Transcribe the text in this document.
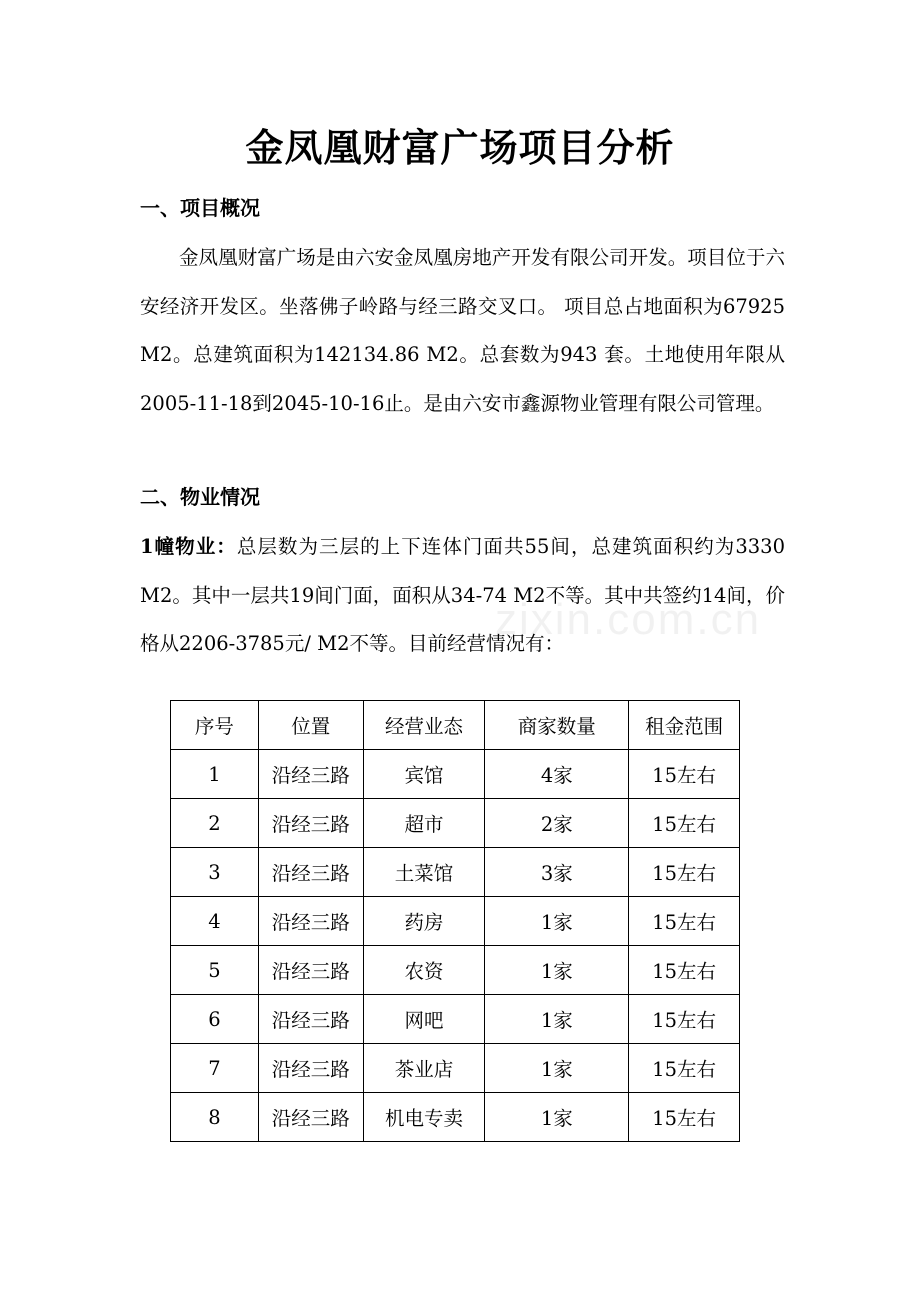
金凤凰财富广场项目分析
一、项目概况

金凤凰财富广场是由六安金凤凰房地产开发有限公司开发。项目位于六安经济开发区。坐落佛子岭路与经三路交叉口。 项目总占地面积为67925 M2。总建筑面积为142134.86 M2。总套数为943 套。土地使用年限从2005-11-18到2045-10-16止。是由六安市鑫源物业管理有限公司管理。

二、物业情况

1幢物业：总层数为三层的上下连体门面共55间，总建筑面积约为3330 M2。其中一层共19间门面，面积从34-74 M2不等。其中共签约14间，价格从2206-3785元/ M2不等。目前经营情况有：

zixin.com.cn
序号	位置	经营业态	商家数量	租金范围
1	沿经三路	宾馆	4家	15左右
2	沿经三路	超市	2家	15左右
3	沿经三路	土菜馆	3家	15左右
4	沿经三路	药房	1家	15左右
5	沿经三路	农资	1家	15左右
6	沿经三路	网吧	1家	15左右
7	沿经三路	茶业店	1家	15左右
8	沿经三路	机电专卖	1家	15左右
